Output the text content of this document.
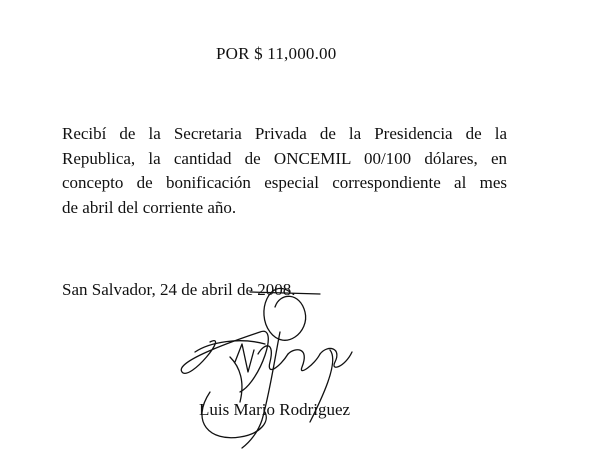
POR $ 11,000.00
Recibí de la Secretaria Privada de la Presidencia de la
Republica, la cantidad de ONCEMIL 00/100 dólares, en
concepto de bonificación especial correspondiente al mes
de abril del corriente año.
San Salvador, 24 de abril de 2008.
Luis Mario Rodriguez
